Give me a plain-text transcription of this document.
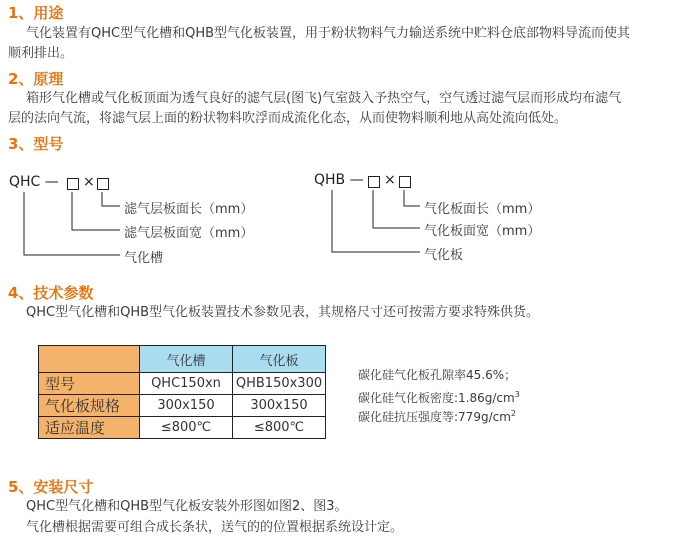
1、用途
气化装置有QHC型气化槽和QHB型气化板装置，用于粉状物料气力输送系统中贮料仓底部物料导流而使其
顺利排出。
2、原理
箱形气化槽或气化板顶面为透气良好的滤气层(图飞)气室鼓入予热空气，空气透过滤气层而形成均布滤气
层的法向气流，将滤气层上面的粉状物料吹浮而成流化化态，从而使物料顺利地从高处流向低处。
3、型号
QHC — ×
滤气层板面长（mm）
滤气层板面宽（mm）
气化槽
QHB — ×
气化板面长（mm）
气化板面宽（mm）
气化板
4、技术参数
QHC型气化槽和QHB型气化板装置技术参数见表，其规格尺寸还可按需方要求特殊供货。
	气化槽	气化板
型号	QHC150xn	QHB150x300
气化板规格	300x150	300x150
适应温度	≤800℃	≤800℃
碳化硅气化板孔隙率45.6%；
碳化硅气化板密度$:1.86g/cm^3$
碳化硅抗压强度等$:779g/cm^2$
5、安装尺寸
QHC型气化槽和QHB型气化板安装外形图如图2、图3。
气化槽根据需要可组合成长条状，送气的的位置根据系统设计定。
